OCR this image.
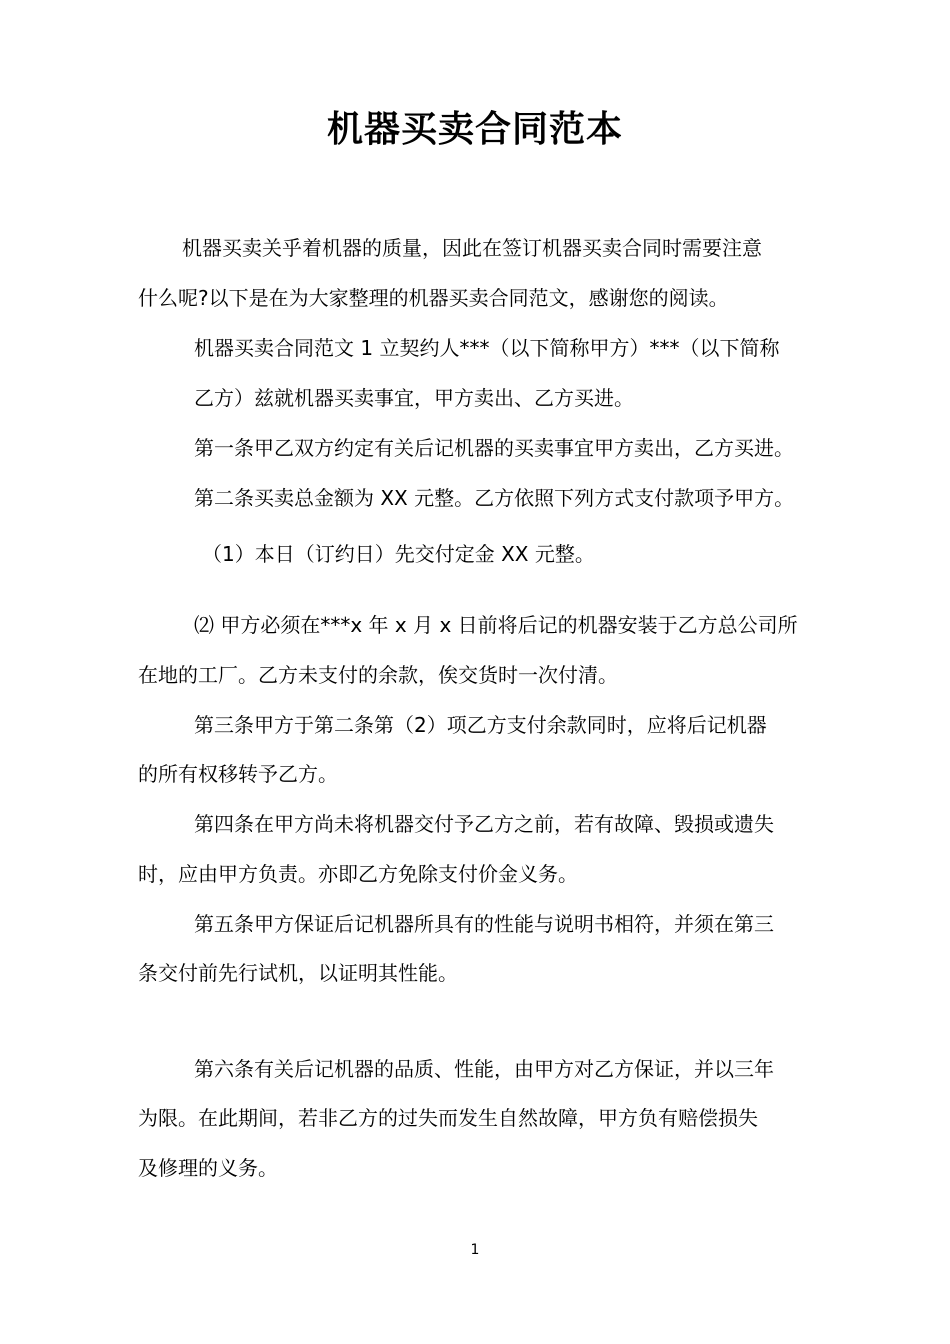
机器买卖合同范本
机器买卖关乎着机器的质量，因此在签订机器买卖合同时需要注意
什么呢?以下是在为大家整理的机器买卖合同范文，感谢您的阅读。
机器买卖合同范文 1 立契约人***（以下简称甲方）***（以下简称
乙方）兹就机器买卖事宜，甲方卖出、乙方买进。
第一条甲乙双方约定有关后记机器的买卖事宜甲方卖出，乙方买进。
第二条买卖总金额为 XX 元整。乙方依照下列方式支付款项予甲方。
（1）本日（订约日）先交付定金 XX 元整。
⑵ 甲方必须在***x 年 x 月 x 日前将后记的机器安装于乙方总公司所
在地的工厂。乙方未支付的余款，俟交货时一次付清。
第三条甲方于第二条第（2）项乙方支付余款同时，应将后记机器
的所有权移转予乙方。
第四条在甲方尚未将机器交付予乙方之前，若有故障、毁损或遗失
时，应由甲方负责。亦即乙方免除支付价金义务。
第五条甲方保证后记机器所具有的性能与说明书相符，并须在第三
条交付前先行试机，以证明其性能。
第六条有关后记机器的品质、性能，由甲方对乙方保证，并以三年
为限。在此期间，若非乙方的过失而发生自然故障，甲方负有赔偿损失
及修理的义务。
1
